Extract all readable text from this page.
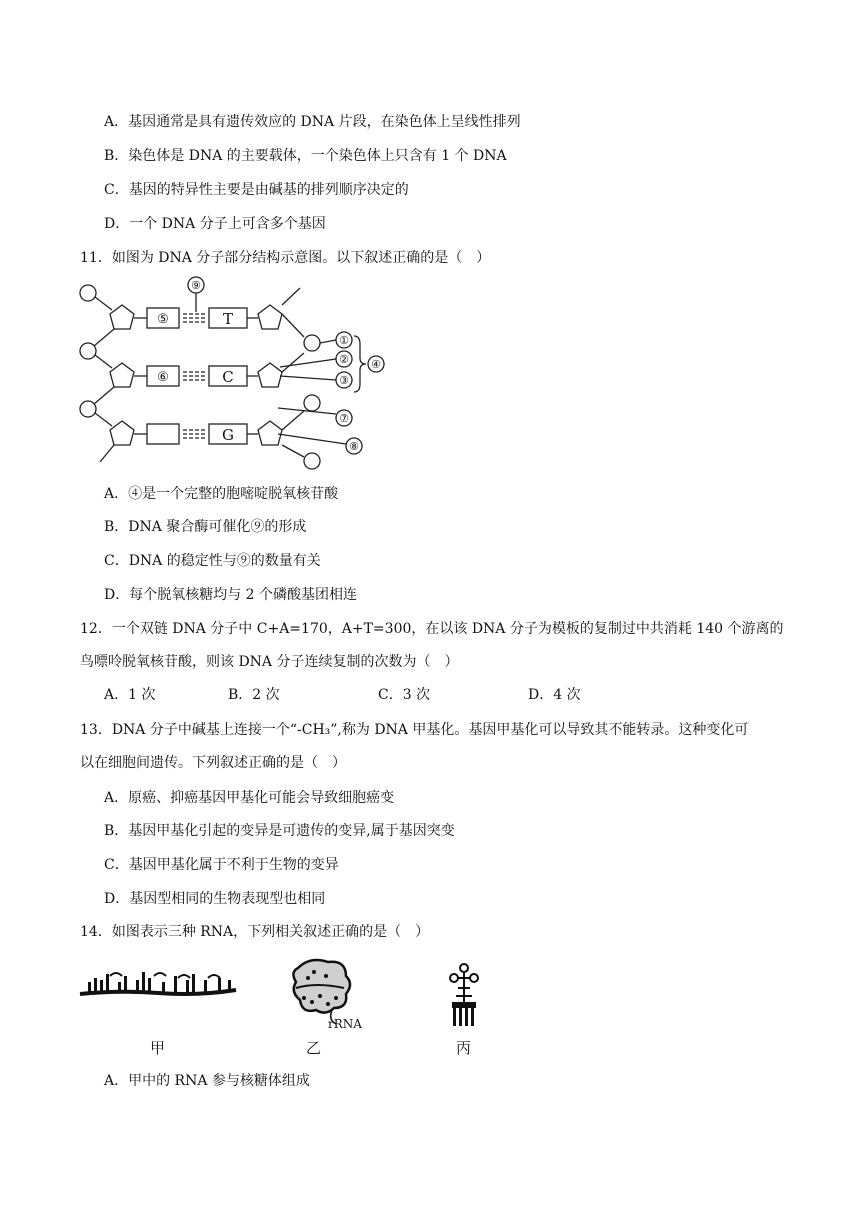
A．基因通常是具有遗传效应的 DNA 片段，在染色体上呈线性排列
B．染色体是 DNA 的主要载体，一个染色体上只含有 1 个 DNA
C．基因的特异性主要是由碱基的排列顺序决定的
D．一个 DNA 分子上可含多个基因
11．如图为 DNA 分子部分结构示意图。以下叙述正确的是（　）
⑤
⑥
T
C
G
⑨
①
②
③
④
⑦
⑧
A．④是一个完整的胞嘧啶脱氧核苷酸
B．DNA 聚合酶可催化⑨的形成
C．DNA 的稳定性与⑨的数量有关
D．每个脱氧核糖均与 2 个磷酸基团相连
12．一个双链 DNA 分子中 C+A=170，A+T=300，在以该 DNA 分子为模板的复制过中共消耗 140 个游离的
鸟嘌呤脱氧核苷酸，则该 DNA 分子连续复制的次数为（　）
A．1 次	B．2 次	C．3 次	D．4 次
13．DNA 分子中碱基上连接一个“-CH₃”,称为 DNA 甲基化。基因甲基化可以导致其不能转录。这种变化可
以在细胞间遗传。下列叙述正确的是（　）
A．原癌、抑癌基因甲基化可能会导致细胞癌变
B．基因甲基化引起的变异是可遗传的变异,属于基因突变
C．基因甲基化属于不利于生物的变异
D．基因型相同的生物表现型也相同
14．如图表示三种 RNA，下列相关叙述正确的是（　）
rRNA
甲	乙	丙
A．甲中的 RNA 参与核糖体组成
